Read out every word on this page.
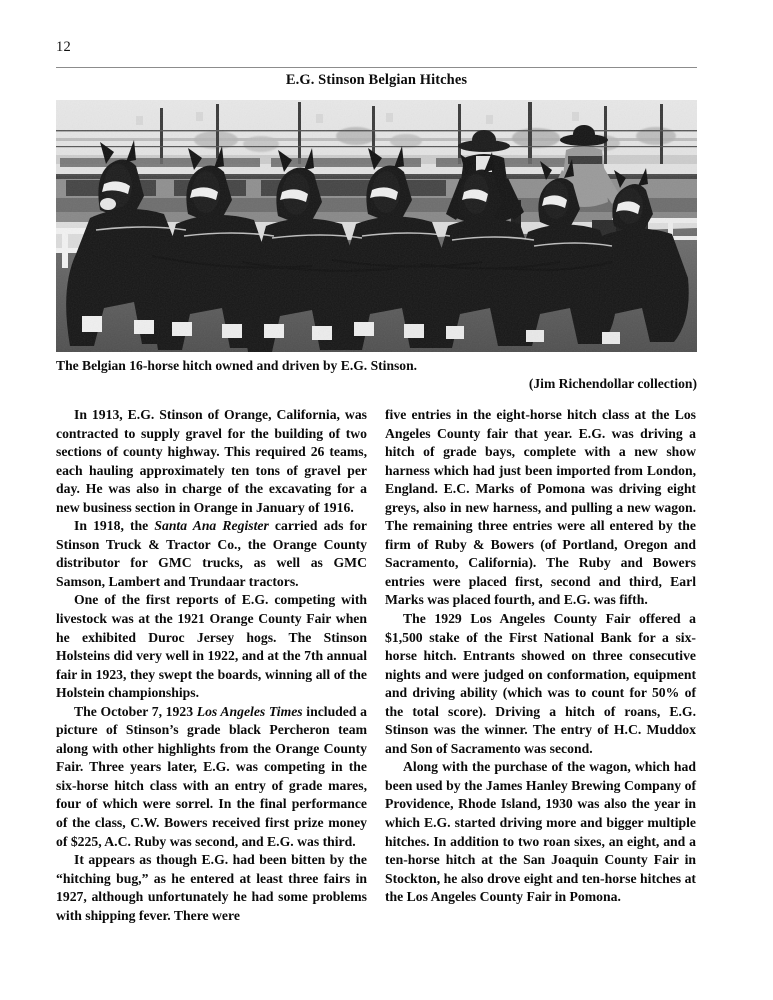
12
E.G. Stinson Belgian Hitches
The Belgian 16-horse hitch owned and driven by E.G. Stinson.
(Jim Richendollar collection)

In 1913, E.G. Stinson of Orange, California, was contracted to supply gravel for the building of two sections of county highway. This required 26 teams, each hauling approximately ten tons of gravel per day. He was also in charge of the excavating for a new business section in Orange in January of 1916.

In 1918, the Santa Ana Register carried ads for Stinson Truck & Tractor Co., the Orange County distributor for GMC trucks, as well as GMC Samson, Lambert and Trundaar tractors.

One of the first reports of E.G. competing with livestock was at the 1921 Orange County Fair when he exhibited Duroc Jersey hogs. The Stinson Holsteins did very well in 1922, and at the 7th annual fair in 1923, they swept the boards, winning all of the Holstein championships.

The October 7, 1923 Los Angeles Times included a picture of Stinson’s grade black Percheron team along with other highlights from the Orange County Fair. Three years later, E.G. was competing in the six-horse hitch class with an entry of grade mares, four of which were sorrel. In the final performance of the class, C.W. Bowers received first prize money of $225, A.C. Ruby was second, and E.G. was third.

It appears as though E.G. had been bitten by the “hitching bug,” as he entered at least three fairs in 1927, although unfortunately he had some problems with shipping fever. There were

five entries in the eight-horse hitch class at the Los Angeles County fair that year. E.G. was driving a hitch of grade bays, complete with a new show harness which had just been imported from London, England. E.C. Marks of Pomona was driving eight greys, also in new harness, and pulling a new wagon. The remaining three entries were all entered by the firm of Ruby & Bowers (of Portland, Oregon and Sacramento, California). The Ruby and Bowers entries were placed first, second and third, Earl Marks was placed fourth, and E.G. was fifth.

The 1929 Los Angeles County Fair offered a $1,500 stake of the First National Bank for a six-horse hitch. Entrants showed on three consecutive nights and were judged on conformation, equipment and driving ability (which was to count for 50% of the total score). Driving a hitch of roans, E.G. Stinson was the winner. The entry of H.C. Muddox and Son of Sacramento was second.

Along with the purchase of the wagon, which had been used by the James Hanley Brewing Company of Providence, Rhode Island, 1930 was also the year in which E.G. started driving more and bigger multiple hitches. In addition to two roan sixes, an eight, and a ten-horse hitch at the San Joaquin County Fair in Stockton, he also drove eight and ten-horse hitches at the Los Angeles County Fair in Pomona.
